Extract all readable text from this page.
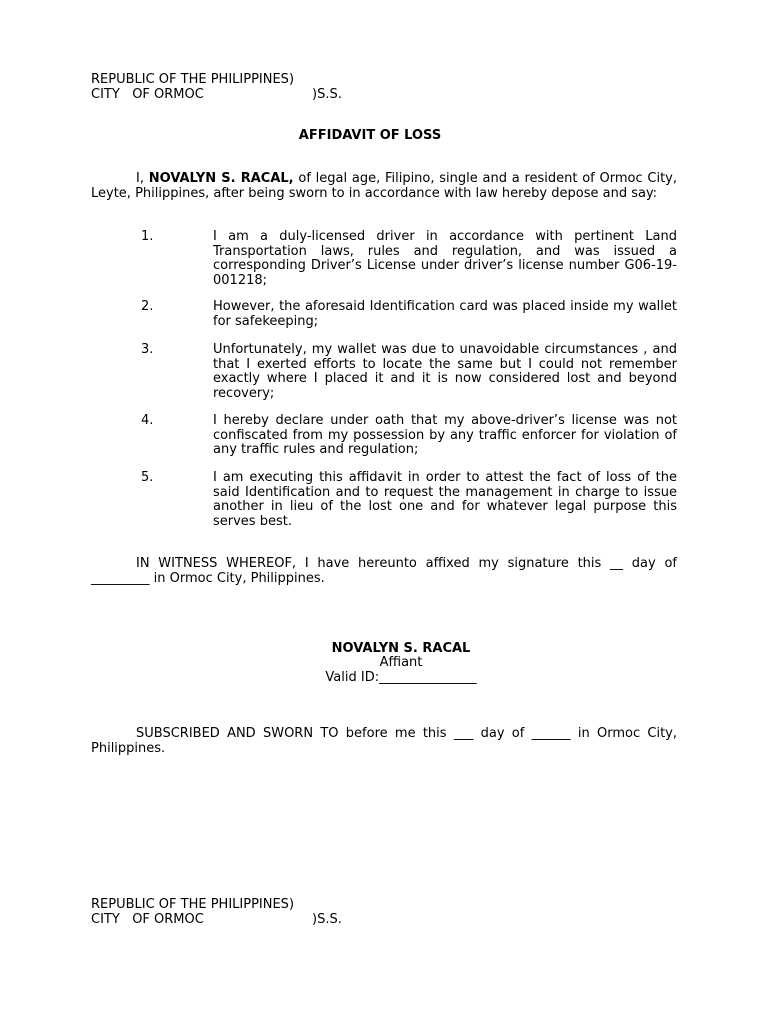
REPUBLIC OF THE PHILIPPINES)
CITY   OF ORMOC	)S.S.
AFFIDAVIT OF LOSS
I, NOVALYN S. RACAL, of legal age, Filipino, single and a resident of Ormoc City, Leyte, Philippines, after being sworn to in accordance with law hereby depose and say:
1.	I am a duly-licensed driver in accordance with pertinent Land Transportation laws, rules and regulation, and was issued a corresponding Driver’s License under driver’s license number G06-19-001218;
2.	However, the aforesaid Identification card was placed inside my wallet for safekeeping;
3.	Unfortunately, my wallet was due to unavoidable circumstances , and that I exerted efforts to locate the same but I could not remember exactly where I placed it and it is now considered lost and beyond recovery;
4.	I hereby declare under oath that my above-driver’s license was not confiscated from my possession by any traffic enforcer for violation of any traffic rules and regulation;
5.	I am executing this affidavit in order to attest the fact of loss of the said Identification and to request the management in charge to issue another in lieu of the lost one and for whatever legal purpose this serves best.
IN WITNESS WHEREOF, I have hereunto affixed my signature this __ day of _________ in Ormoc City, Philippines.
NOVALYN S. RACAL
Affiant
Valid ID:_______________
SUBSCRIBED AND SWORN TO before me this ___ day of ______ in Ormoc City, Philippines.
REPUBLIC OF THE PHILIPPINES)
CITY   OF ORMOC	)S.S.
